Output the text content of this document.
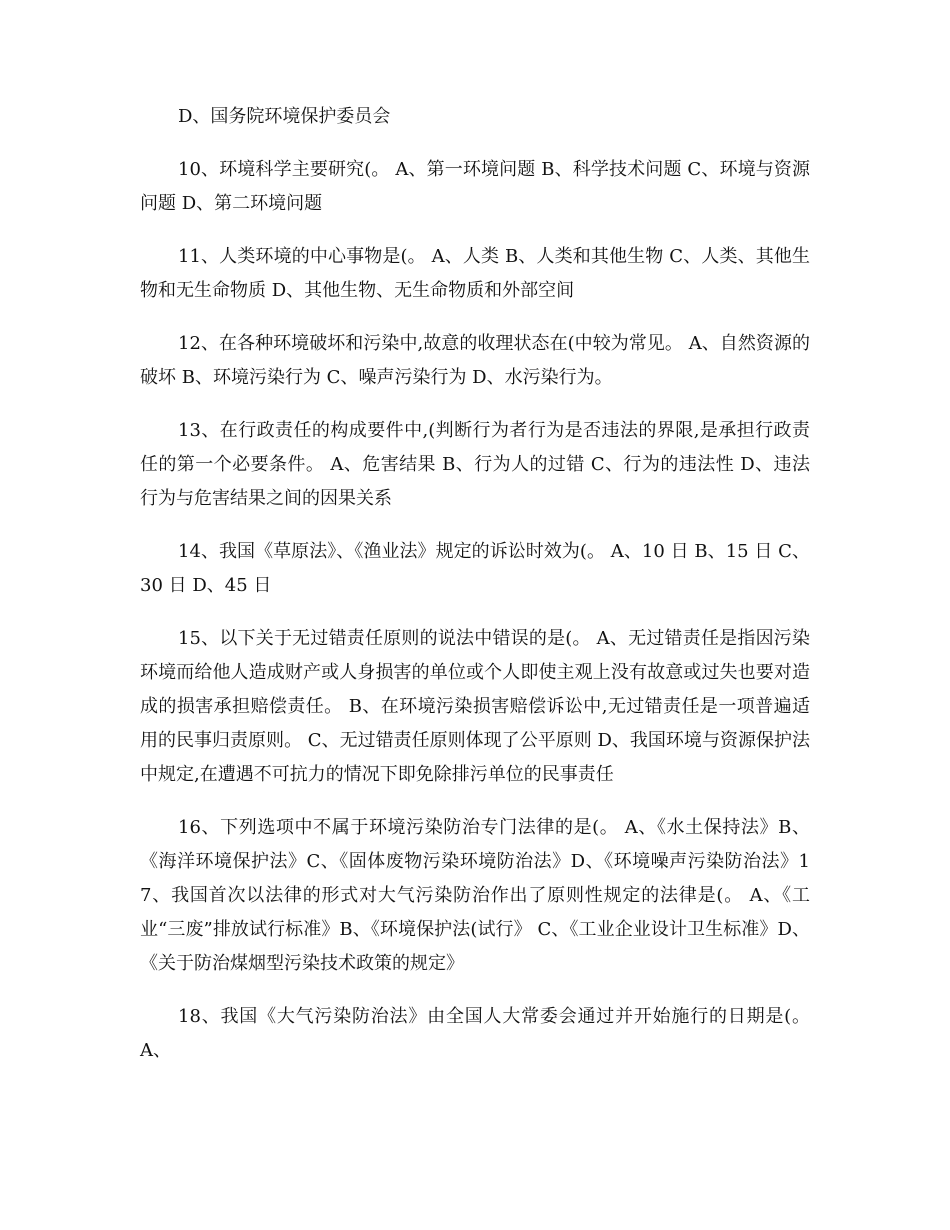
D、国务院环境保护委员会

10、环境科学主要研究(。 A、第一环境问题 B、科学技术问题 C、环境与资源问题 D、第二环境问题

11、人类环境的中心事物是(。 A、人类 B、人类和其他生物 C、人类、其他生物和无生命物质 D、其他生物、无生命物质和外部空间

12、在各种环境破坏和污染中,故意的收理状态在(中较为常见。 A、自然资源的破坏 B、环境污染行为 C、噪声污染行为 D、水污染行为。

13、在行政责任的构成要件中,(判断行为者行为是否违法的界限,是承担行政责任的第一个必要条件。 A、危害结果 B、行为人的过错 C、行为的违法性 D、违法行为与危害结果之间的因果关系

14、我国《草原法》、《渔业法》规定的诉讼时效为(。 A、10 日 B、15 日 C、30 日 D、45 日

15、以下关于无过错责任原则的说法中错误的是(。 A、无过错责任是指因污染环境而给他人造成财产或人身损害的单位或个人即使主观上没有故意或过失也要对造成的损害承担赔偿责任。 B、在环境污染损害赔偿诉讼中,无过错责任是一项普遍适用的民事归责原则。 C、无过错责任原则体现了公平原则 D、我国环境与资源保护法中规定,在遭遇不可抗力的情况下即免除排污单位的民事责任

16、下列选项中不属于环境污染防治专门法律的是(。 A、《水土保持法》B、《海洋环境保护法》C、《固体废物污染环境防治法》D、《环境噪声污染防治法》17、我国首次以法律的形式对大气污染防治作出了原则性规定的法律是(。 A、《工业“三废”排放试行标准》B、《环境保护法(试行》 C、《工业企业设计卫生标准》D、《关于防治煤烟型污染技术政策的规定》

18、我国《大气污染防治法》由全国人大常委会通过并开始施行的日期是(。 A、
